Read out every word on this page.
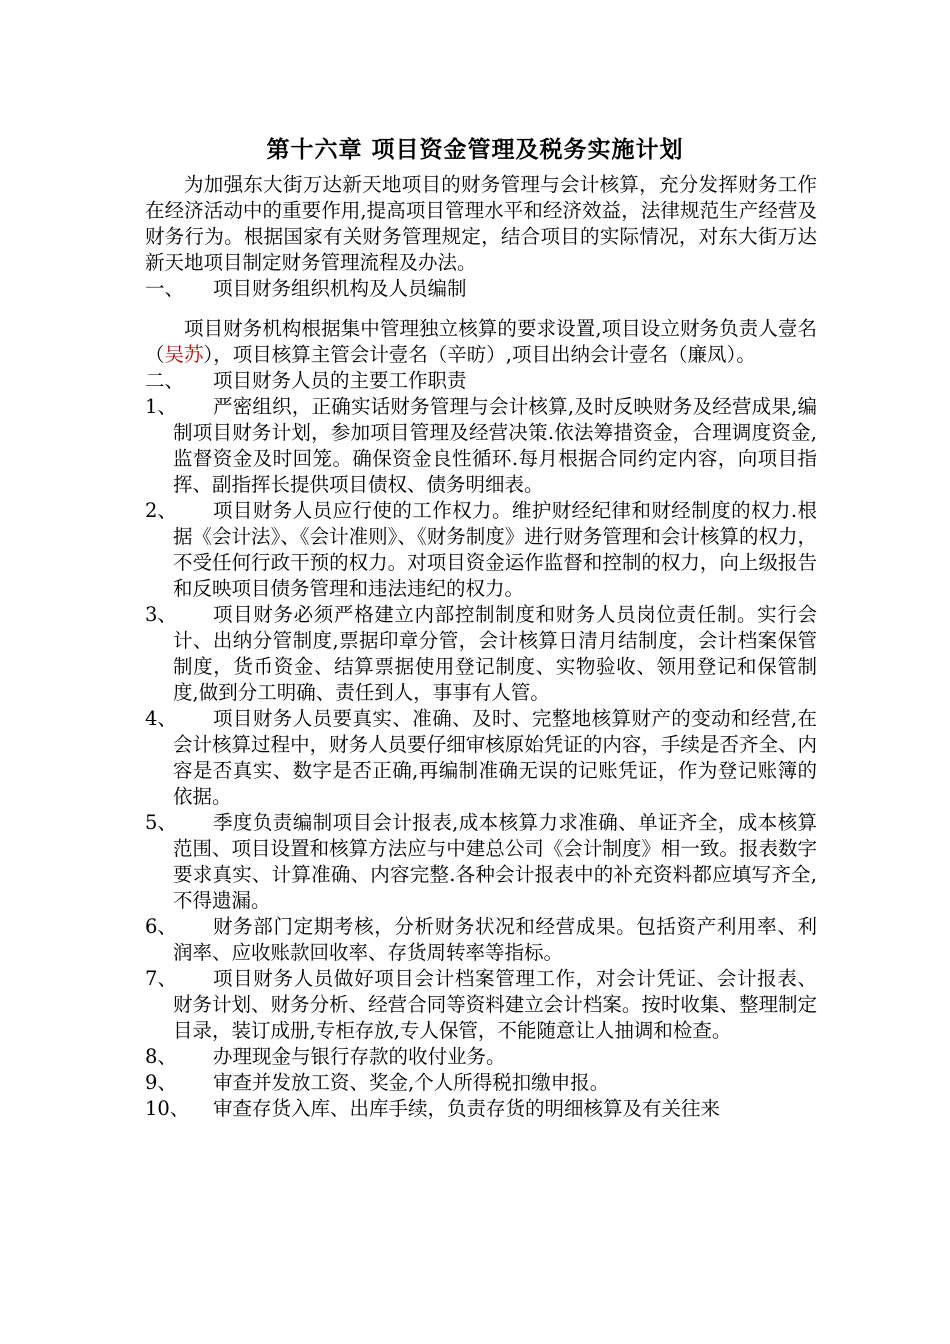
第十六章 项目资金管理及税务实施计划

为加强东大街万达新天地项目的财务管理与会计核算，充分发挥财务工作在经济活动中的重要作用,提高项目管理水平和经济效益，法律规范生产经营及财务行为。根据国家有关财务管理规定，结合项目的实际情况，对东大街万达新天地项目制定财务管理流程及办法。

一、	项目财务组织机构及人员编制

项目财务机构根据集中管理独立核算的要求设置,项目设立财务负责人壹名（吴苏），项目核算主管会计壹名（辛昉）,项目出纳会计壹名（廉凤）。

二、	项目财务人员的主要工作职责
1、	严密组织，正确实话财务管理与会计核算,及时反映财务及经营成果,编制项目财务计划，参加项目管理及经营决策.依法筹措资金，合理调度资金,监督资金及时回笼。确保资金良性循环.每月根据合同约定内容，向项目指挥、副指挥长提供项目债权、债务明细表。
2、	项目财务人员应行使的工作权力。维护财经纪律和财经制度的权力.根据《会计法》、《会计准则》、《财务制度》进行财务管理和会计核算的权力，不受任何行政干预的权力。对项目资金运作监督和控制的权力，向上级报告和反映项目债务管理和违法违纪的权力。
3、	项目财务必须严格建立内部控制制度和财务人员岗位责任制。实行会计、出纳分管制度,票据印章分管，会计核算日清月结制度，会计档案保管制度，货币资金、结算票据使用登记制度、实物验收、领用登记和保管制度,做到分工明确、责任到人，事事有人管。
4、	项目财务人员要真实、准确、及时、完整地核算财产的变动和经营,在会计核算过程中，财务人员要仔细审核原始凭证的内容，手续是否齐全、内容是否真实、数字是否正确,再编制准确无误的记账凭证，作为登记账簿的依据。
5、	季度负责编制项目会计报表,成本核算力求准确、单证齐全，成本核算范围、项目设置和核算方法应与中建总公司《会计制度》相一致。报表数字要求真实、计算准确、内容完整.各种会计报表中的补充资料都应填写齐全,不得遗漏。
6、	财务部门定期考核，分析财务状况和经营成果。包括资产利用率、利润率、应收账款回收率、存货周转率等指标。
7、	项目财务人员做好项目会计档案管理工作，对会计凭证、会计报表、财务计划、财务分析、经营合同等资料建立会计档案。按时收集、整理制定目录，装订成册,专柜存放,专人保管，不能随意让人抽调和检查。
8、	办理现金与银行存款的收付业务。
9、	审查并发放工资、奖金,个人所得税扣缴申报。
10、	审查存货入库、出库手续，负责存货的明细核算及有关往来
